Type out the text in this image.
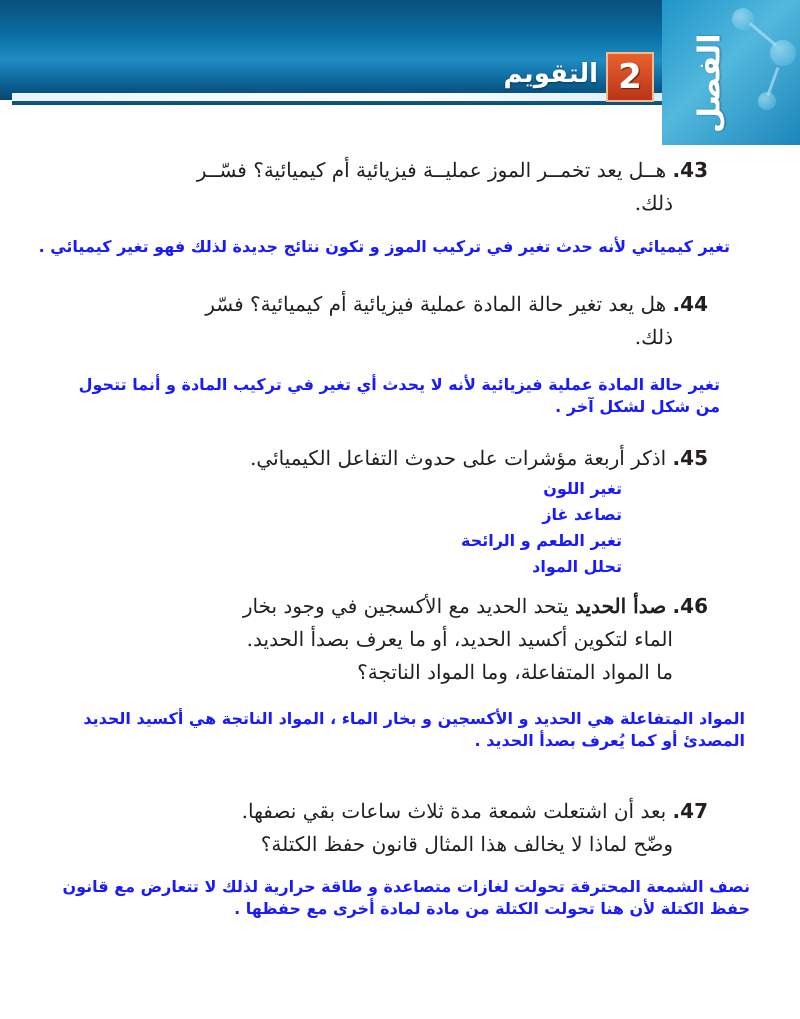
الفصل
2
التقويم
43. هــل يعد تخمــر الموز عمليــة فيزيائية أم كيميائية؟ فسّــر
ذلك.
تغير كيميائي لأنه حدث تغير في تركيب الموز و تكون نتائج جديدة لذلك فهو تغير كيميائي .
44. هل يعد تغير حالة المادة عملية فيزيائية أم كيميائية؟ فسّر
ذلك.
تغير حالة المادة عملية فيزيائية لأنه لا يحدث أي تغير في تركيب المادة و أنما تتحول
من شكل لشكل آخر .
45. اذكر أربعة مؤشرات على حدوث التفاعل الكيميائي.
تغير اللون
تصاعد غاز
تغير الطعم و الرائحة
تحلل المواد
46. صدأ الحديد يتحد الحديد مع الأكسجين في وجود بخار
الماء لتكوين أكسيد الحديد، أو ما يعرف بصدأ الحديد.
ما المواد المتفاعلة، وما المواد الناتجة؟
المواد المتفاعلة هي الحديد و الأكسجين و بخار الماء ، المواد الناتجة هي أكسيد الحديد
المصدئ أو كما يُعرف بصدأ الحديد .
47. بعد أن اشتعلت شمعة مدة ثلاث ساعات بقي نصفها.
وضّح لماذا لا يخالف هذا المثال قانون حفظ الكتلة؟
نصف الشمعة المحترقة تحولت لغازات متصاعدة و طاقة حرارية لذلك لا تتعارض مع قانون
حفظ الكتلة لأن هنا تحولت الكتلة من مادة لمادة أخرى مع حفظها .
